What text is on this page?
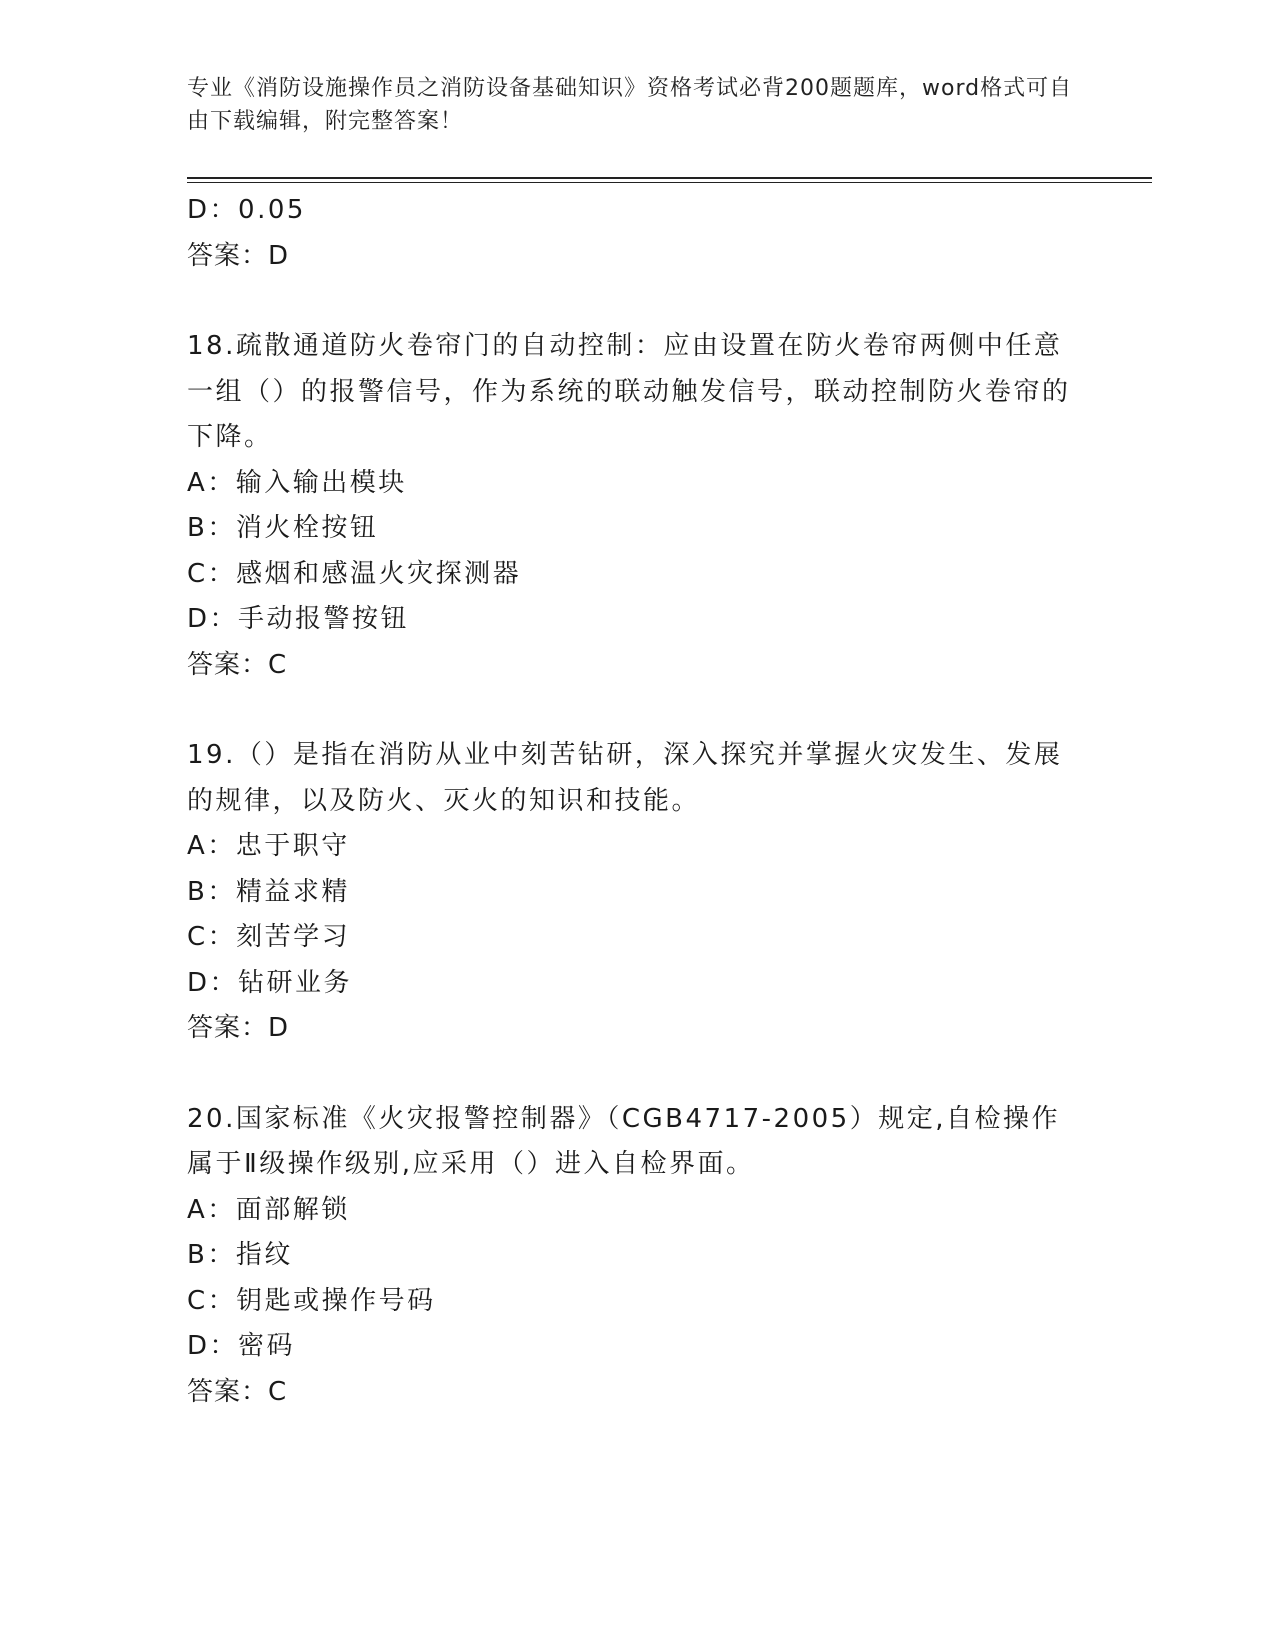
专业《消防设施操作员之消防设备基础知识》资格考试必背200题题库，word格式可自由下载编辑，附完整答案！
D：0.05
答案：D
18.疏散通道防火卷帘门的自动控制：应由设置在防火卷帘两侧中任意一组（）的报警信号，作为系统的联动触发信号，联动控制防火卷帘的下降。
A：输入输出模块
B：消火栓按钮
C：感烟和感温火灾探测器
D：手动报警按钮
答案：C
19.（）是指在消防从业中刻苦钻研，深入探究并掌握火灾发生、发展的规律，以及防火、灭火的知识和技能。
A：忠于职守
B：精益求精
C：刻苦学习
D：钻研业务
答案：D
20.国家标准《火灾报警控制器》（CGB4717-2005）规定,自检操作属于Ⅱ级操作级别,应采用（）进入自检界面。
A：面部解锁
B：指纹
C：钥匙或操作号码
D：密码
答案：C
